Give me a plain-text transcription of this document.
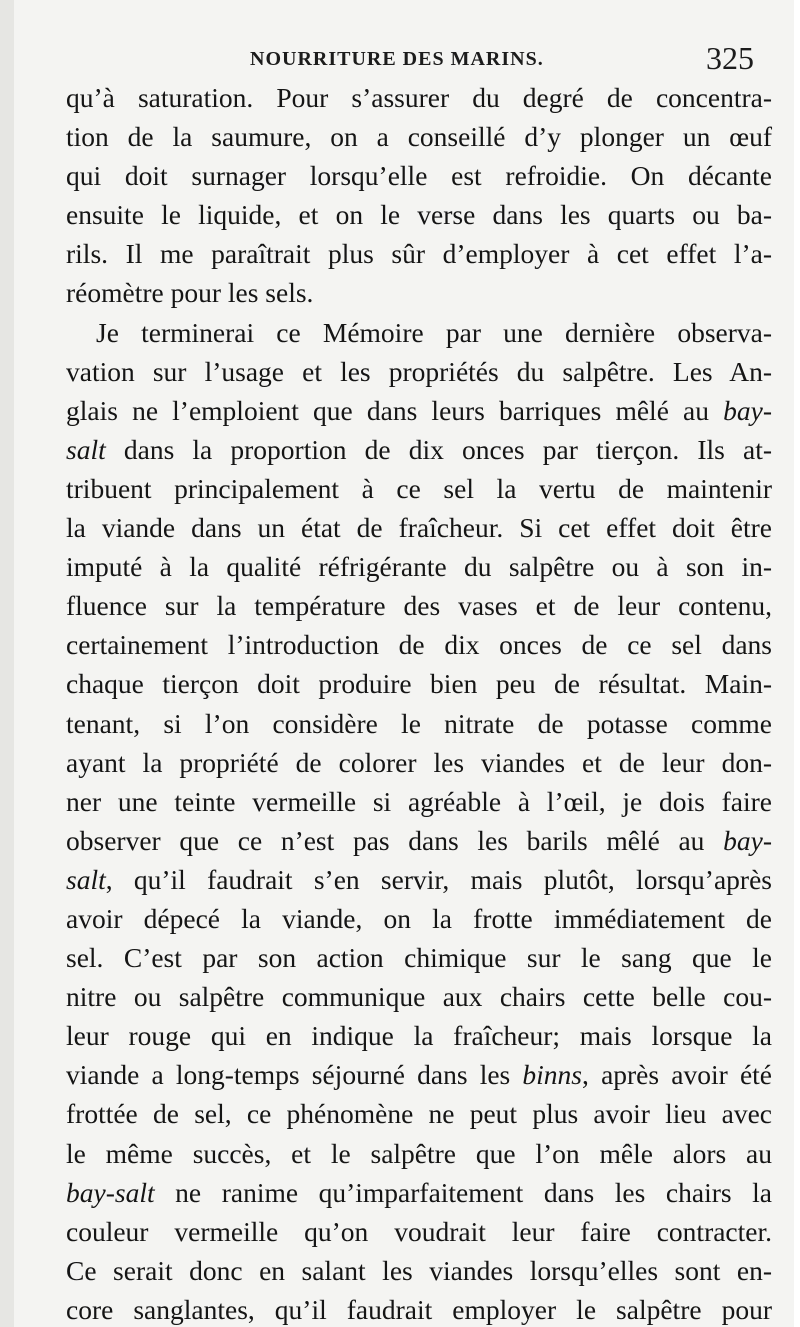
NOURRITURE DES MARINS.	325
qu’à saturation. Pour s’assurer du degré de concentra-
tion de la saumure, on a conseillé d’y plonger un œuf
qui doit surnager lorsqu’elle est refroidie. On décante
ensuite le liquide, et on le verse dans les quarts ou ba-
rils. Il me paraîtrait plus sûr d’employer à cet effet l’a-
réomètre pour les sels.
Je terminerai ce Mémoire par une dernière observa-
vation sur l’usage et les propriétés du salpêtre. Les An-
glais ne l’emploient que dans leurs barriques mêlé au bay-
salt dans la proportion de dix onces par tierçon. Ils at-
tribuent principalement à ce sel la vertu de maintenir
la viande dans un état de fraîcheur. Si cet effet doit être
imputé à la qualité réfrigérante du salpêtre ou à son in-
fluence sur la température des vases et de leur contenu,
certainement l’introduction de dix onces de ce sel dans
chaque tierçon doit produire bien peu de résultat. Main-
tenant, si l’on considère le nitrate de potasse comme
ayant la propriété de colorer les viandes et de leur don-
ner une teinte vermeille si agréable à l’œil, je dois faire
observer que ce n’est pas dans les barils mêlé au bay-
salt, qu’il faudrait s’en servir, mais plutôt, lorsqu’après
avoir dépecé la viande, on la frotte immédiatement de
sel. C’est par son action chimique sur le sang que le
nitre ou salpêtre communique aux chairs cette belle cou-
leur rouge qui en indique la fraîcheur; mais lorsque la
viande a long-temps séjourné dans les binns, après avoir été
frottée de sel, ce phénomène ne peut plus avoir lieu avec
le même succès, et le salpêtre que l’on mêle alors au
bay-salt ne ranime qu’imparfaitement dans les chairs la
couleur vermeille qu’on voudrait leur faire contracter.
Ce serait donc en salant les viandes lorsqu’elles sont en-
core sanglantes, qu’il faudrait employer le salpêtre pour
